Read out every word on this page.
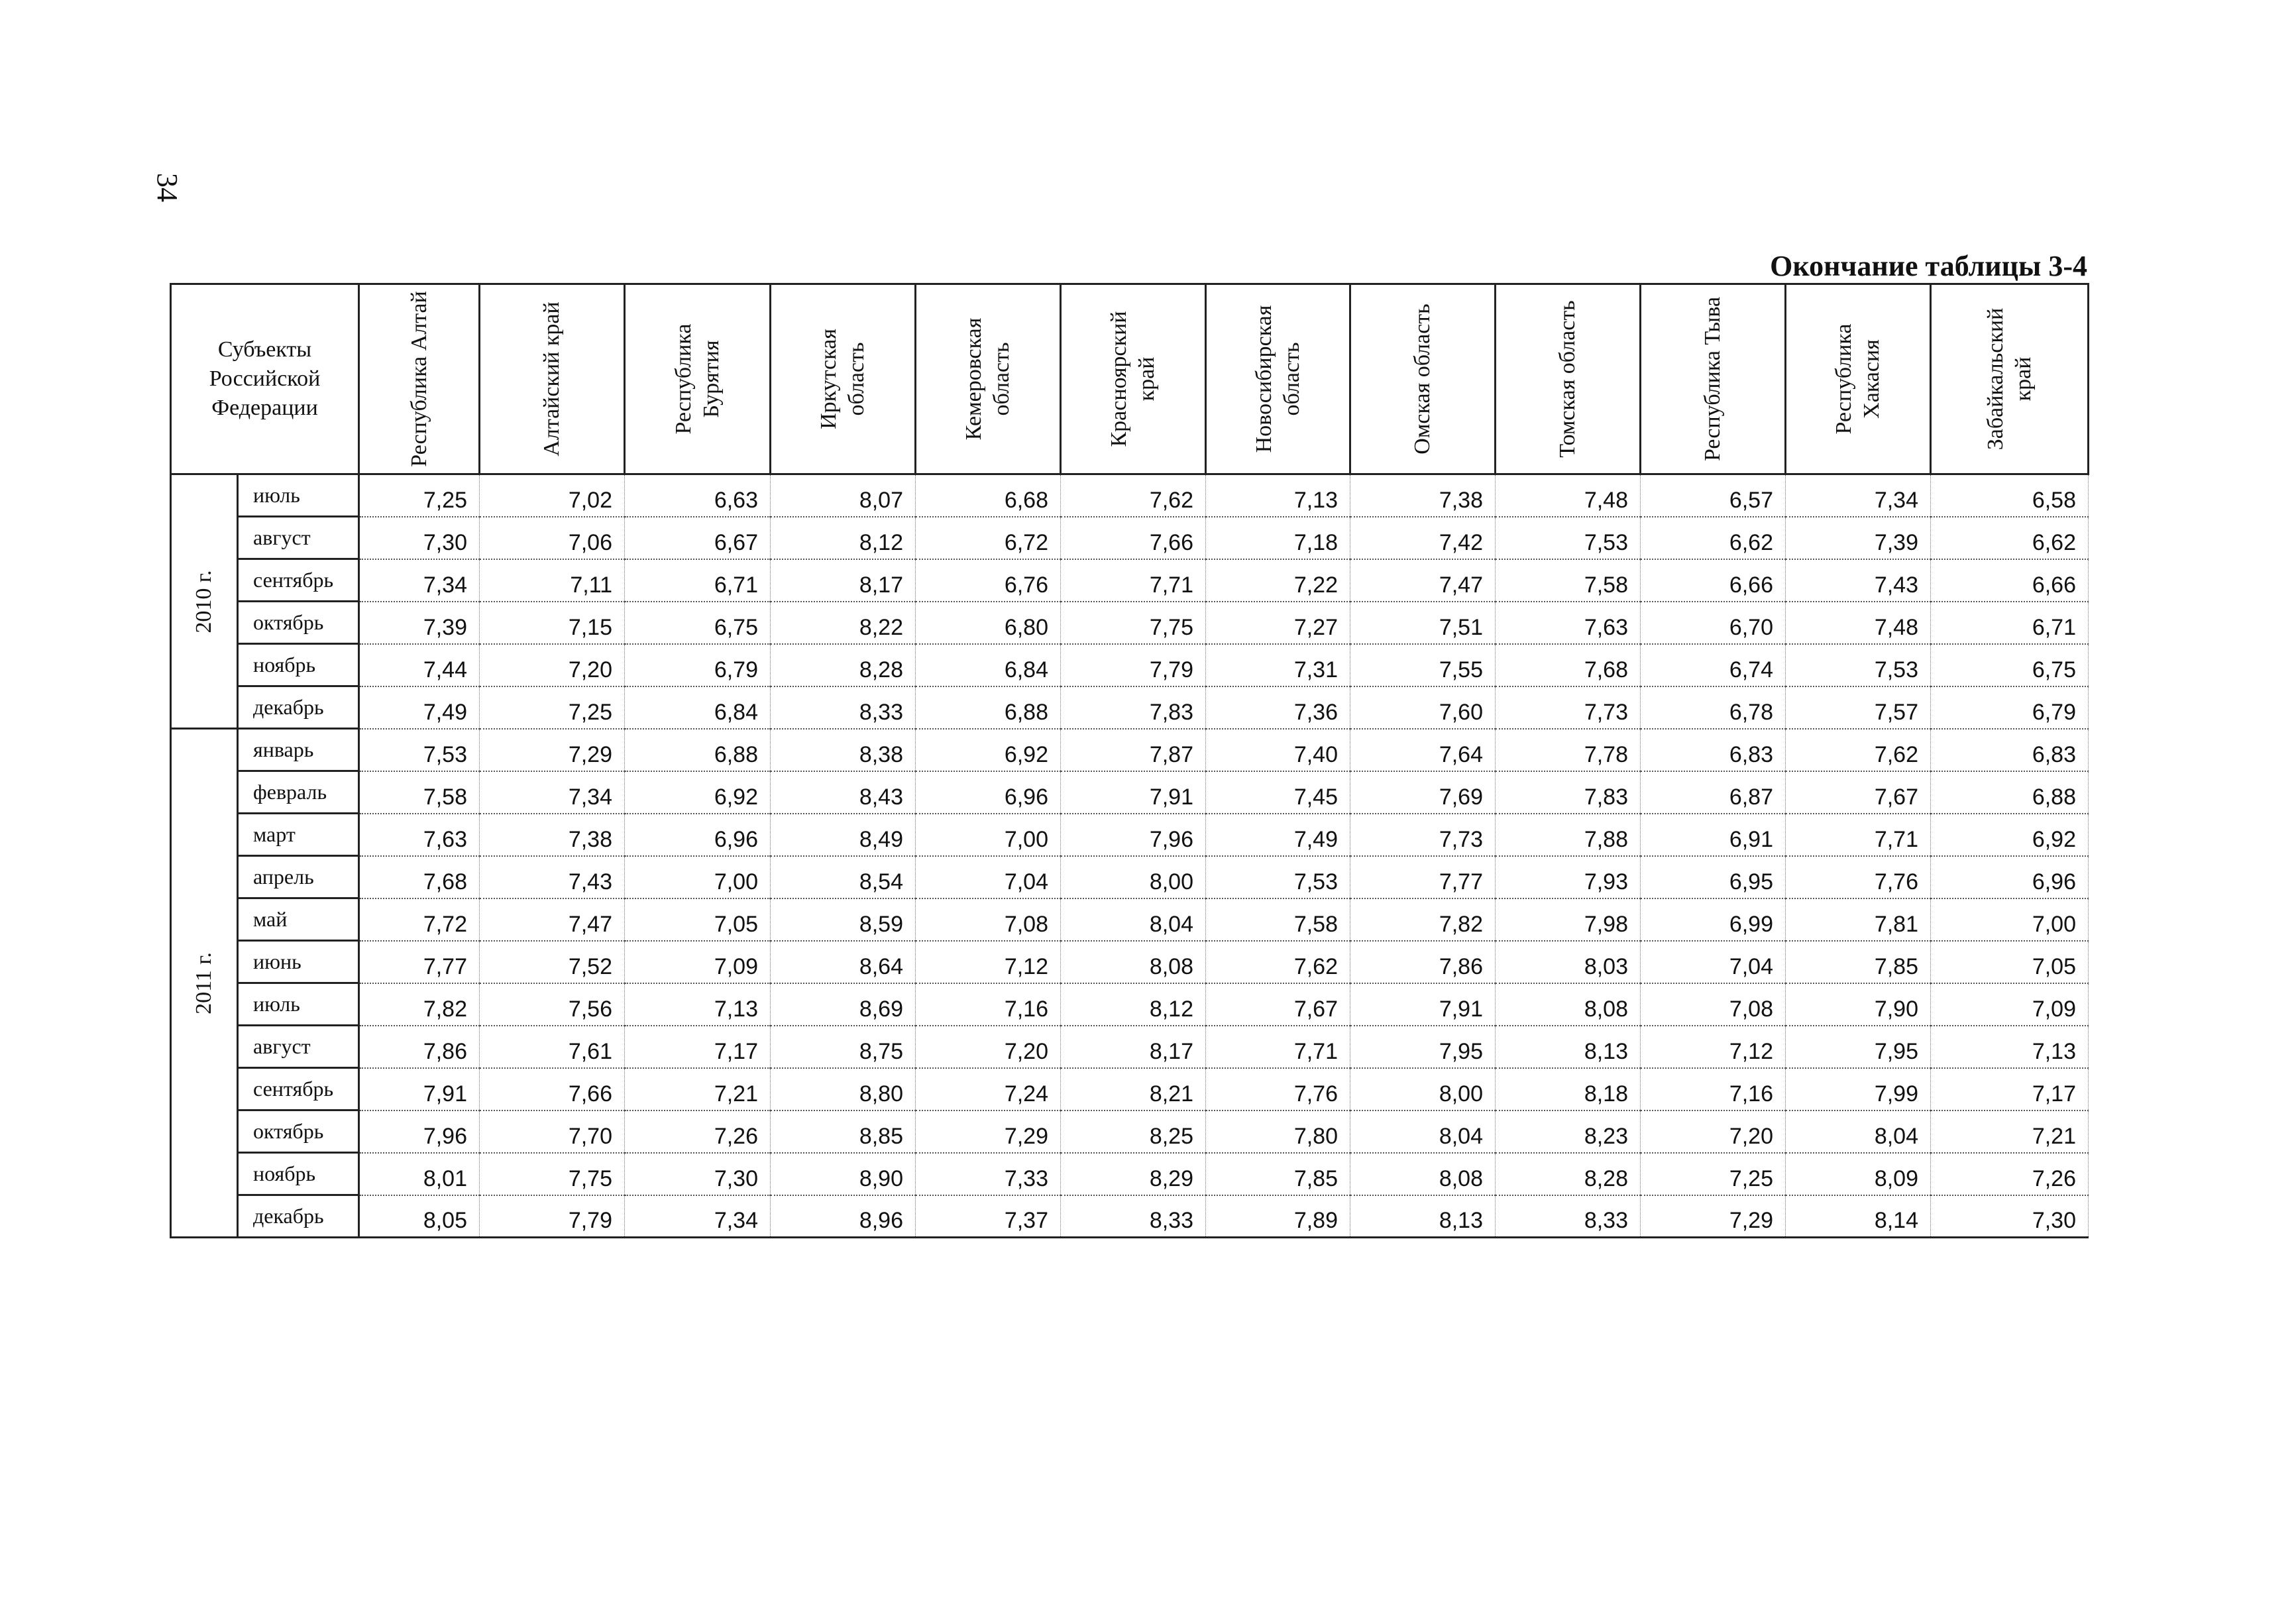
34
Окончание таблицы 3-4
Субъекты Российской Федерации		Республика Алтай	Алтайский край	Республика Бурятия	Иркутская область	Кемеровская область	Красноярский край	Новосибирская область	Омская область	Томская область	Республика Тыва	Республика Хакасия	Забайкальский край

2010 г.	июль	7,25	7,02	6,63	8,07	6,68	7,62	7,13	7,38	7,48	6,57	7,34	6,58
	август	7,30	7,06	6,67	8,12	6,72	7,66	7,18	7,42	7,53	6,62	7,39	6,62
	сентябрь	7,34	7,11	6,71	8,17	6,76	7,71	7,22	7,47	7,58	6,66	7,43	6,66
	октябрь	7,39	7,15	6,75	8,22	6,80	7,75	7,27	7,51	7,63	6,70	7,48	6,71
	ноябрь	7,44	7,20	6,79	8,28	6,84	7,79	7,31	7,55	7,68	6,74	7,53	6,75
	декабрь	7,49	7,25	6,84	8,33	6,88	7,83	7,36	7,60	7,73	6,78	7,57	6,79

2011 г.	январь	7,53	7,29	6,88	8,38	6,92	7,87	7,40	7,64	7,78	6,83	7,62	6,83
	февраль	7,58	7,34	6,92	8,43	6,96	7,91	7,45	7,69	7,83	6,87	7,67	6,88
	март	7,63	7,38	6,96	8,49	7,00	7,96	7,49	7,73	7,88	6,91	7,71	6,92
	апрель	7,68	7,43	7,00	8,54	7,04	8,00	7,53	7,77	7,93	6,95	7,76	6,96
	май	7,72	7,47	7,05	8,59	7,08	8,04	7,58	7,82	7,98	6,99	7,81	7,00
	июнь	7,77	7,52	7,09	8,64	7,12	8,08	7,62	7,86	8,03	7,04	7,85	7,05
	июль	7,82	7,56	7,13	8,69	7,16	8,12	7,67	7,91	8,08	7,08	7,90	7,09
	август	7,86	7,61	7,17	8,75	7,20	8,17	7,71	7,95	8,13	7,12	7,95	7,13
	сентябрь	7,91	7,66	7,21	8,80	7,24	8,21	7,76	8,00	8,18	7,16	7,99	7,17
	октябрь	7,96	7,70	7,26	8,85	7,29	8,25	7,80	8,04	8,23	7,20	8,04	7,21
	ноябрь	8,01	7,75	7,30	8,90	7,33	8,29	7,85	8,08	8,28	7,25	8,09	7,26
	декабрь	8,05	7,79	7,34	8,96	7,37	8,33	7,89	8,13	8,33	7,29	8,14	7,30
